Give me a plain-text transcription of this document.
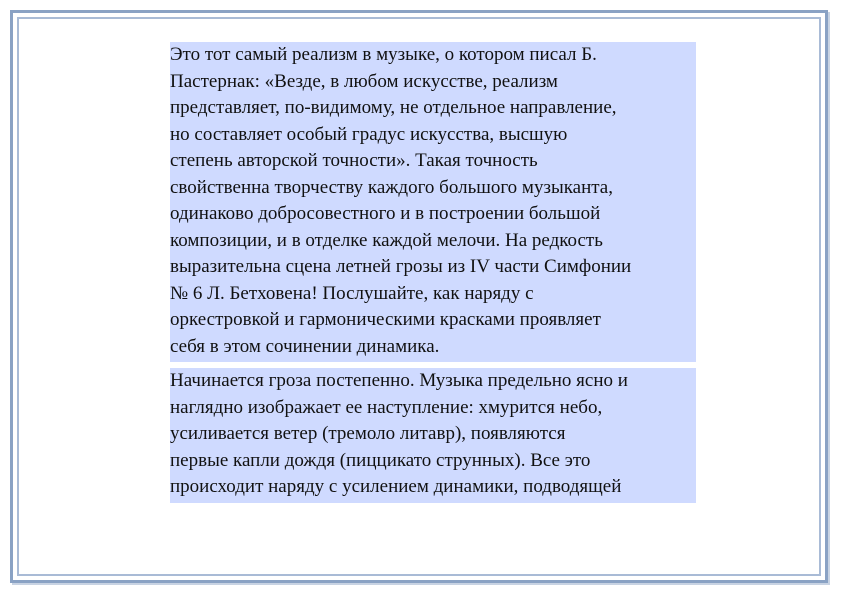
Это тот самый реализм в музыке, о котором писал Б.
Пастернак: «Везде, в любом искусстве, реализм
представляет, по-видимому, не отдельное направление,
но составляет особый градус искусства, высшую
степень авторской точности». Такая точность
свойственна творчеству каждого большого музыканта,
одинаково добросовестного и в построении большой
композиции, и в отделке каждой мелочи. На редкость
выразительна сцена летней грозы из IV части Симфонии
№ 6 Л. Бетховена! Послушайте, как наряду с
оркестровкой и гармоническими красками проявляет
себя в этом сочинении динамика.

Начинается гроза постепенно. Музыка предельно ясно и
наглядно изображает ее наступление: хмурится небо,
усиливается ветер (тремоло литавр), появляются
первые капли дождя (пиццикато струнных). Все это
происходит наряду с усилением динамики, подводящей
